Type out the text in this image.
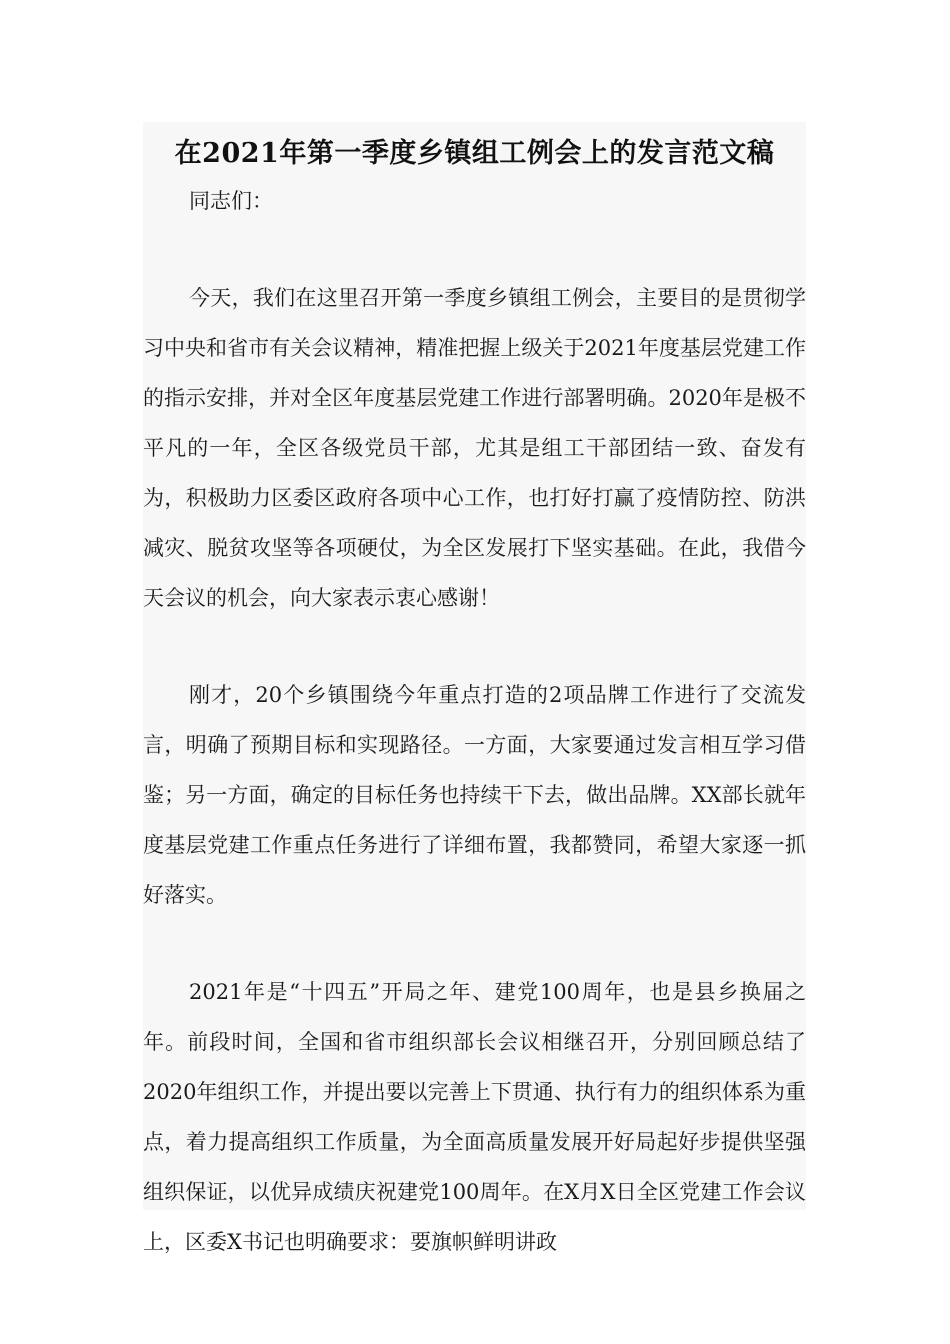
在2021年第一季度乡镇组工例会上的发言范文稿

同志们：

今天，我们在这里召开第一季度乡镇组工例会，主要目的是贯彻学习中央和省市有关会议精神，精准把握上级关于2021年度基层党建工作的指示安排，并对全区年度基层党建工作进行部署明确。2020年是极不平凡的一年，全区各级党员干部，尤其是组工干部团结一致、奋发有为，积极助力区委区政府各项中心工作，也打好打赢了疫情防控、防洪减灾、脱贫攻坚等各项硬仗，为全区发展打下坚实基础。在此，我借今天会议的机会，向大家表示衷心感谢！

刚才，20个乡镇围绕今年重点打造的2项品牌工作进行了交流发言，明确了预期目标和实现路径。一方面，大家要通过发言相互学习借鉴；另一方面，确定的目标任务也持续干下去，做出品牌。XX部长就年度基层党建工作重点任务进行了详细布置，我都赞同，希望大家逐一抓好落实。

2021年是“十四五”开局之年、建党100周年，也是县乡换届之年。前段时间，全国和省市组织部长会议相继召开，分别回顾总结了2020年组织工作，并提出要以完善上下贯通、执行有力的组织体系为重点，着力提高组织工作质量，为全面高质量发展开好局起好步提供坚强组织保证，以优异成绩庆祝建党100周年。在X月X日全区党建工作会议上，区委X书记也明确要求：要旗帜鲜明讲政
